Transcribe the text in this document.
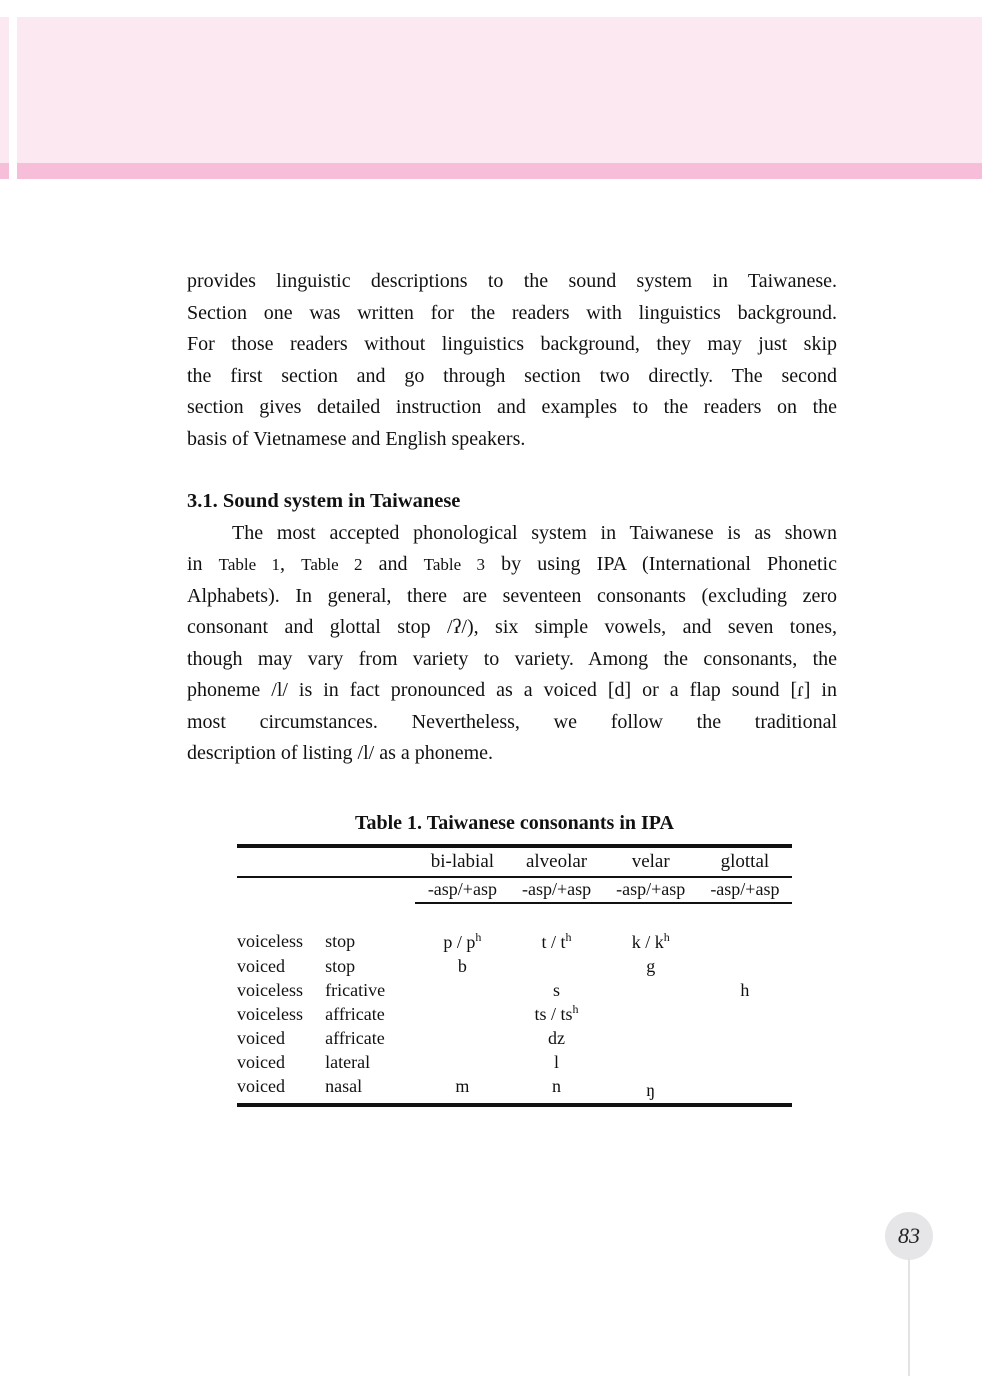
provides linguistic descriptions to the sound system in Taiwanese.
Section one was written for the readers with linguistics background.
For those readers without linguistics background, they may just skip
the first section and go through section two directly. The second
section gives detailed instruction and examples to the readers on the
basis of Vietnamese and English speakers.
3.1. Sound system in Taiwanese
The most accepted phonological system in Taiwanese is as shown
in Table 1, Table 2 and Table 3 by using IPA (International Phonetic
Alphabets). In general, there are seventeen consonants (excluding zero
consonant and glottal stop /ʔ/), six simple vowels, and seven tones,
though may vary from variety to variety. Among the consonants, the
phoneme /l/ is in fact pronounced as a voiced [d] or a flap sound [ɾ] in
most circumstances. Nevertheless, we follow the traditional
description of listing /l/ as a phoneme.
Table 1. Taiwanese consonants in IPA
		bi-labial	alveolar	velar	glottal
		-asp/+asp	-asp/+asp	-asp/+asp	-asp/+asp
voiceless	stop	p / $p^h$	t / $t^h$	k / $k^h$	
voiced	stop	b		g	
voiceless	fricative		s		h
voiceless	affricate		ts / $ts^h$		
voiced	affricate		dz		
voiced	lateral		l		
voiced	nasal	m	n	ŋ	
83
